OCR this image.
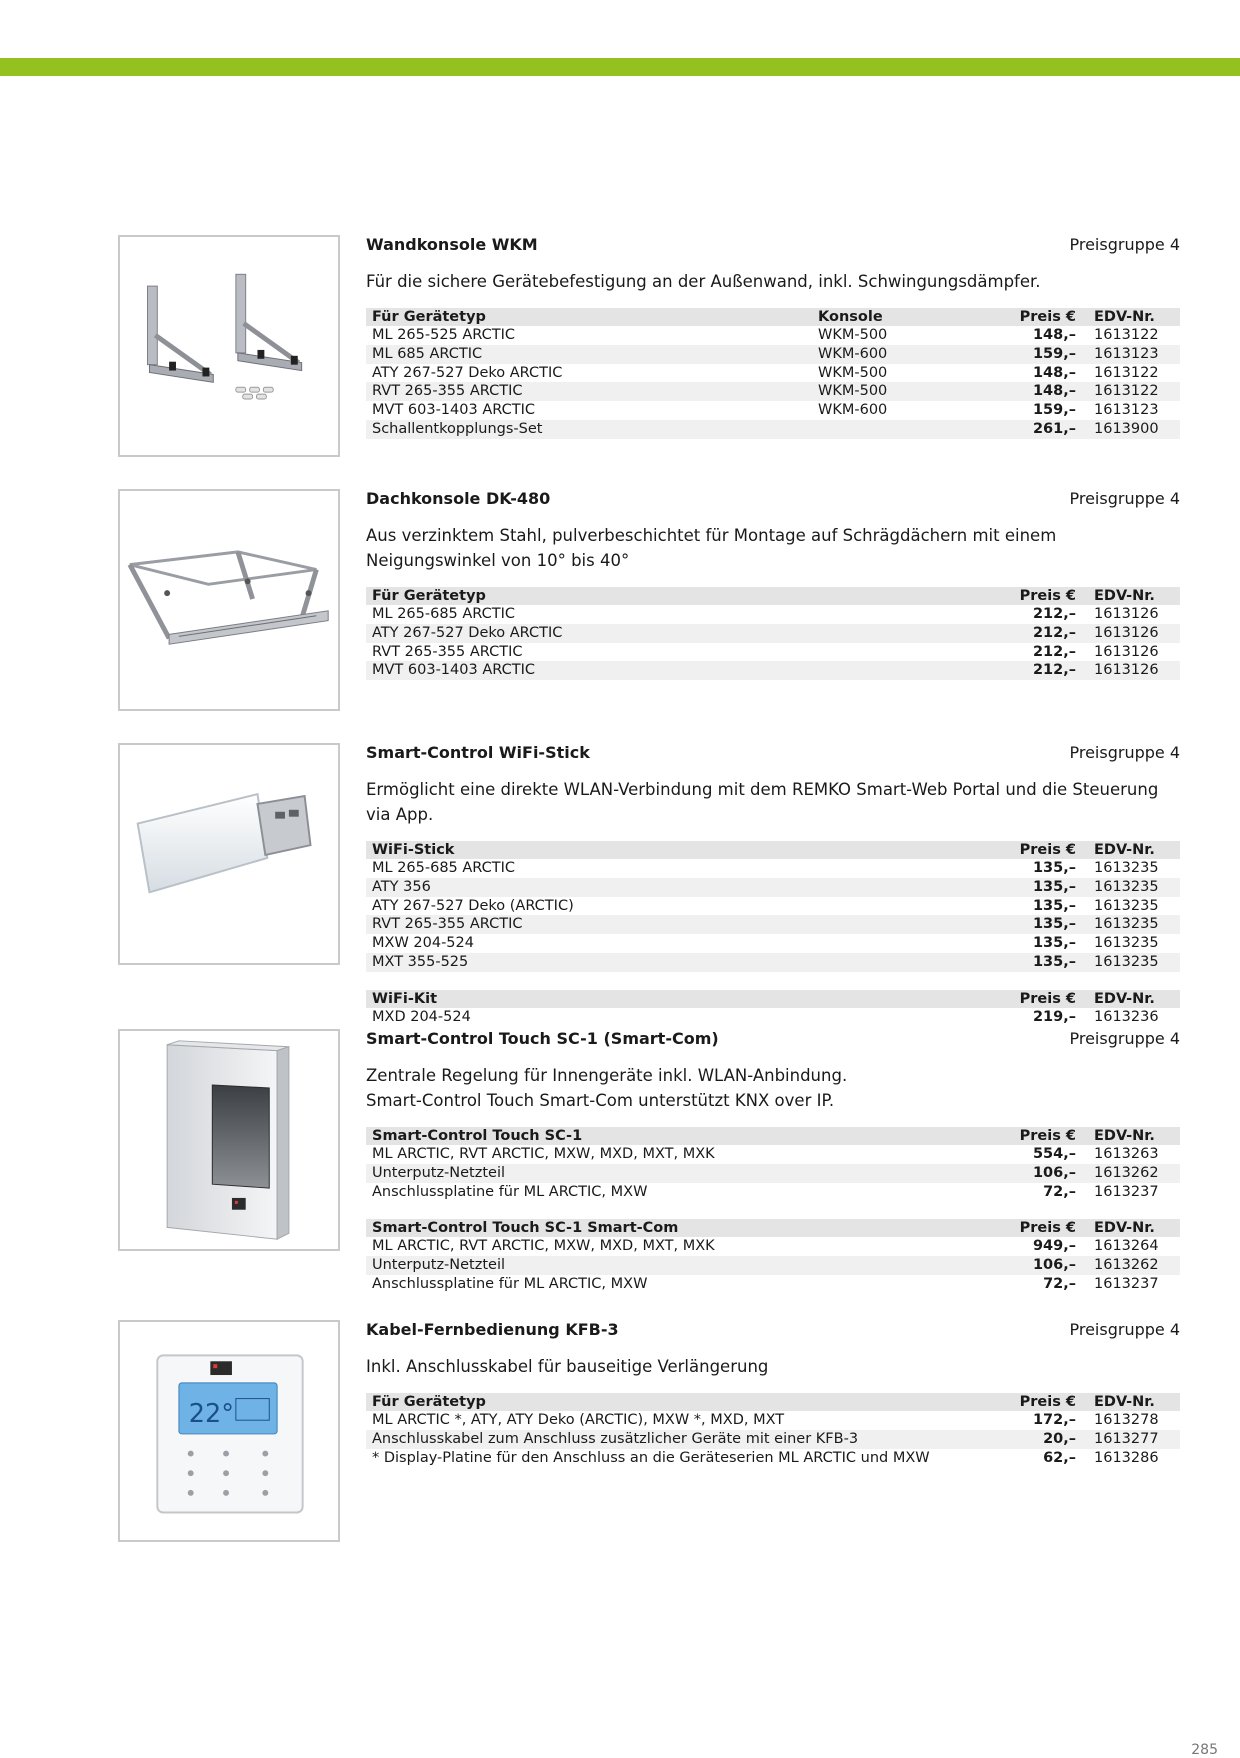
Wandkonsole WKM	Preisgruppe 4
Für die sichere Gerätebefestigung an der Außenwand, inkl. Schwingungsdämpfer.
Für Gerätetyp	Konsole	Preis €	EDV-Nr.
ML 265-525 ARCTIC	WKM-500	148,–	1613122
ML 685 ARCTIC	WKM-600	159,–	1613123
ATY 267-527 Deko ARCTIC	WKM-500	148,–	1613122
RVT 265-355 ARCTIC	WKM-500	148,–	1613122
MVT 603-1403 ARCTIC	WKM-600	159,–	1613123
Schallentkopplungs-Set		261,–	1613900
Dachkonsole DK-480	Preisgruppe 4
Aus verzinktem Stahl, pulverbeschichtet für Montage auf Schrägdächern mit einem
Neigungswinkel von 10° bis 40°
Für Gerätetyp	Preis €	EDV-Nr.
ML 265-685 ARCTIC	212,–	1613126
ATY 267-527 Deko ARCTIC	212,–	1613126
RVT 265-355 ARCTIC	212,–	1613126
MVT 603-1403 ARCTIC	212,–	1613126
Smart-Control WiFi-Stick	Preisgruppe 4
Ermöglicht eine direkte WLAN-Verbindung mit dem REMKO Smart-Web Portal und die Steuerung via App.
WiFi-Stick	Preis €	EDV-Nr.
ML 265-685 ARCTIC	135,–	1613235
ATY 356	135,–	1613235
ATY 267-527 Deko (ARCTIC)	135,–	1613235
RVT 265-355 ARCTIC	135,–	1613235
MXW 204-524	135,–	1613235
MXT 355-525	135,–	1613235
WiFi-Kit	Preis €	EDV-Nr.
MXD 204-524	219,–	1613236
Smart-Control Touch SC-1 (Smart-Com)	Preisgruppe 4
Zentrale Regelung für Innengeräte inkl. WLAN-Anbindung.
Smart-Control Touch Smart-Com unterstützt KNX over IP.
Smart-Control Touch SC-1	Preis €	EDV-Nr.
ML ARCTIC, RVT ARCTIC, MXW, MXD, MXT, MXK	554,–	1613263
Unterputz-Netzteil	106,–	1613262
Anschlussplatine für ML ARCTIC, MXW	72,–	1613237
Smart-Control Touch SC-1 Smart-Com	Preis €	EDV-Nr.
ML ARCTIC, RVT ARCTIC, MXW, MXD, MXT, MXK	949,–	1613264
Unterputz-Netzteil	106,–	1613262
Anschlussplatine für ML ARCTIC, MXW	72,–	1613237
22°
Kabel-Fernbedienung KFB-3	Preisgruppe 4
Inkl. Anschlusskabel für bauseitige Verlängerung
Für Gerätetyp	Preis €	EDV-Nr.
ML ARCTIC *, ATY, ATY Deko (ARCTIC), MXW *, MXD, MXT	172,–	1613278
Anschlusskabel zum Anschluss zusätzlicher Geräte mit einer KFB-3	20,–	1613277
* Display-Platine für den Anschluss an die Geräteserien ML ARCTIC und MXW	62,–	1613286
285
